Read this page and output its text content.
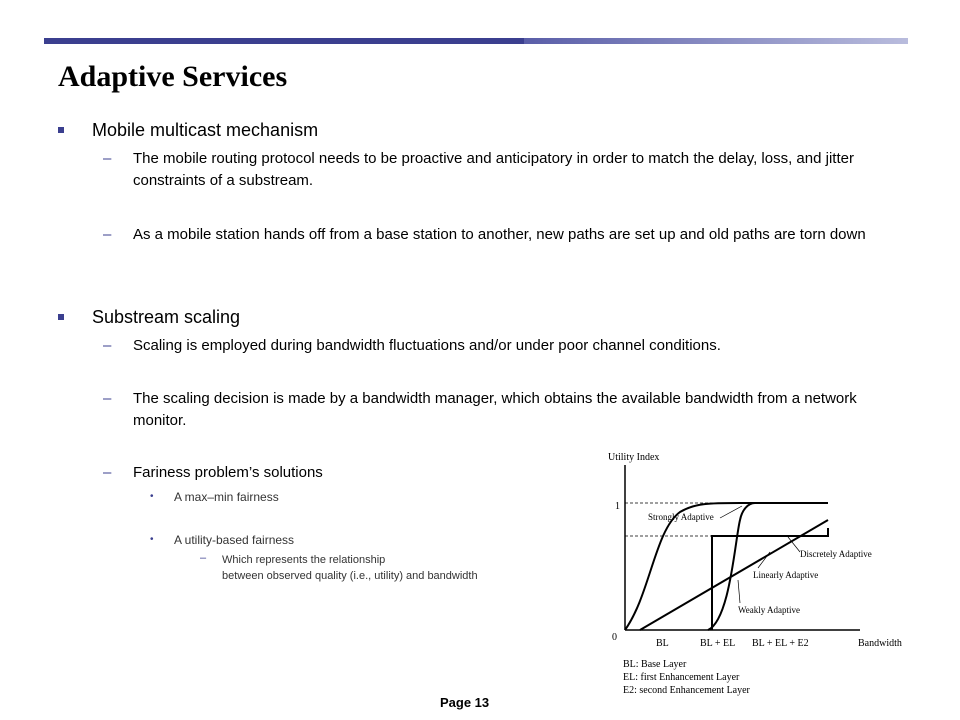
Adaptive Services
Mobile multicast mechanism
– The mobile routing protocol needs to be proactive and anticipatory in order to match the delay, loss, and jitter constraints of a substream.
– As a mobile station hands off from a base station to another, new paths are set up and old paths are torn down
Substream scaling
– Scaling is employed during bandwidth fluctuations and/or under poor channel conditions.
– The scaling decision is made by a bandwidth manager, which obtains the available bandwidth from a network monitor.
– Fariness problem’s solutions
• A max–min fairness
• A utility-based fairness
– Which represents the relationship
between observed quality (i.e., utility) and bandwidth
Utility Index
1
0
Strongly Adaptive
Discretely Adaptive
Linearly Adaptive
Weakly Adaptive
BL	BL + EL BL + EL + E2	Bandwidth
BL: Base Layer
EL: first Enhancement Layer
E2: second Enhancement Layer
Page 13
